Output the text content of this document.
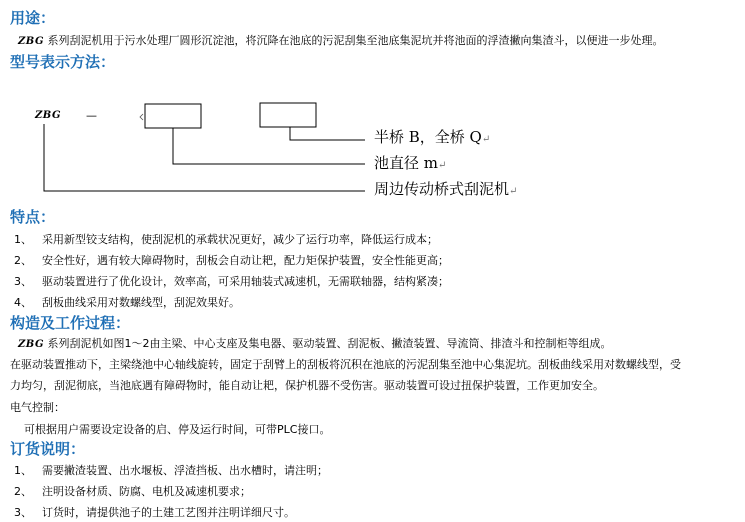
用途：
ZBG 系列刮泥机用于污水处理厂圆形沉淀池，将沉降在池底的污泥刮集至池底集泥坑并将池面的浮渣撇向集渣斗，以便进一步处理。
型号表示方法：
ZBG —
半桥 B，全桥 Q↵
池直径 m↵
周边传动桥式刮泥机↵
特点：
1、 采用新型铰支结构，使刮泥机的承载状况更好，减少了运行功率，降低运行成本；
2、 安全性好，遇有较大障碍物时，刮板会自动让耙，配力矩保护装置，安全性能更高；
3、 驱动装置进行了优化设计，效率高，可采用轴装式减速机，无需联轴器，结构紧凑；
4、 刮板曲线采用对数螺线型，刮泥效果好。
构造及工作过程：
ZBG 系列刮泥机如图1～2由主梁、中心支座及集电器、驱动装置、刮泥板、撇渣装置、导流筒、排渣斗和控制柜等组成。
在驱动装置推动下，主梁绕池中心轴线旋转，固定于刮臂上的刮板将沉积在池底的污泥刮集至池中心集泥坑。刮板曲线采用对数螺线型，受
力均匀，刮泥彻底，当池底遇有障碍物时，能自动让耙，保护机器不受伤害。驱动装置可设过扭保护装置，工作更加安全。
电气控制：
可根据用户需要设定设备的启、停及运行时间，可带PLC接口。
订货说明：
1、 需要撇渣装置、出水堰板、浮渣挡板、出水槽时，请注明；
2、 注明设备材质、防腐、电机及减速机要求；
3、 订货时，请提供池子的土建工艺图并注明详细尺寸。
